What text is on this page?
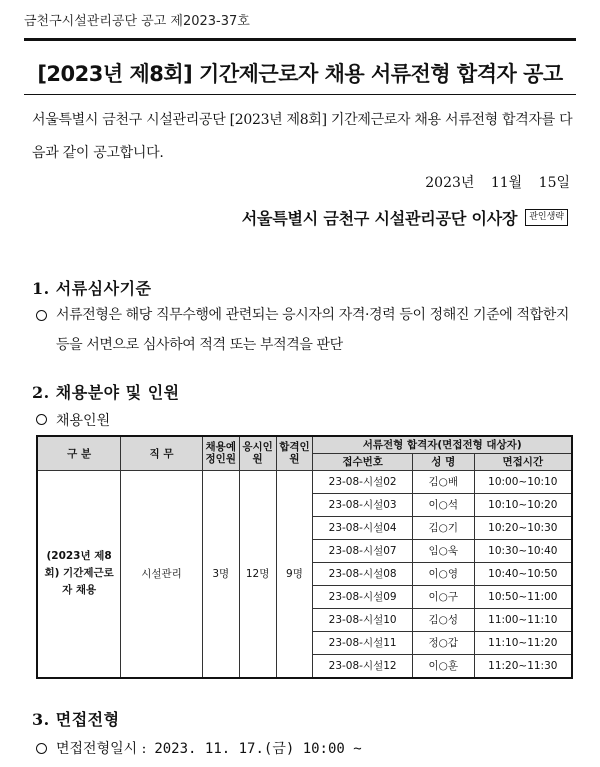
금천구시설관리공단 공고 제2023-37호
[2023년 제8회] 기간제근로자 채용 서류전형 합격자 공고
서울특별시 금천구 시설관리공단 [2023년 제8회] 기간제근로자 채용 서류전형 합격자를 다음과 같이 공고합니다.
2023년 11월 15일
서울특별시 금천구 시설관리공단 이사장	관인생략
1. 서류심사기준
서류전형은 해당 직무수행에 관련되는 응시자의 자격·경력 등이 정해진 기준에 적합한지 등을 서면으로 심사하여 적격 또는 부적격을 판단
2. 채용분야 및 인원
채용인원
구 분	직 무	채용예정인원	응시인원	합격인원	서류전형 합격자(면접전형 대상자)		
					접수번호	성 명	면접시간
(2023년 제8회) 기간제근로자 채용	시설관리	3명	12명	9명	23-08-시설02	김○배	10:00~10:10
					23-08-시설03	이○석	10:10~10:20
					23-08-시설04	김○기	10:20~10:30
					23-08-시설07	임○욱	10:30~10:40
					23-08-시설08	이○영	10:40~10:50
					23-08-시설09	이○구	10:50~11:00
					23-08-시설10	김○성	11:00~11:10
					23-08-시설11	정○갑	11:10~11:20
					23-08-시설12	이○훈	11:20~11:30
3. 면접전형
면접전형일시 : 2023. 11. 17.(금) 10:00 ~
